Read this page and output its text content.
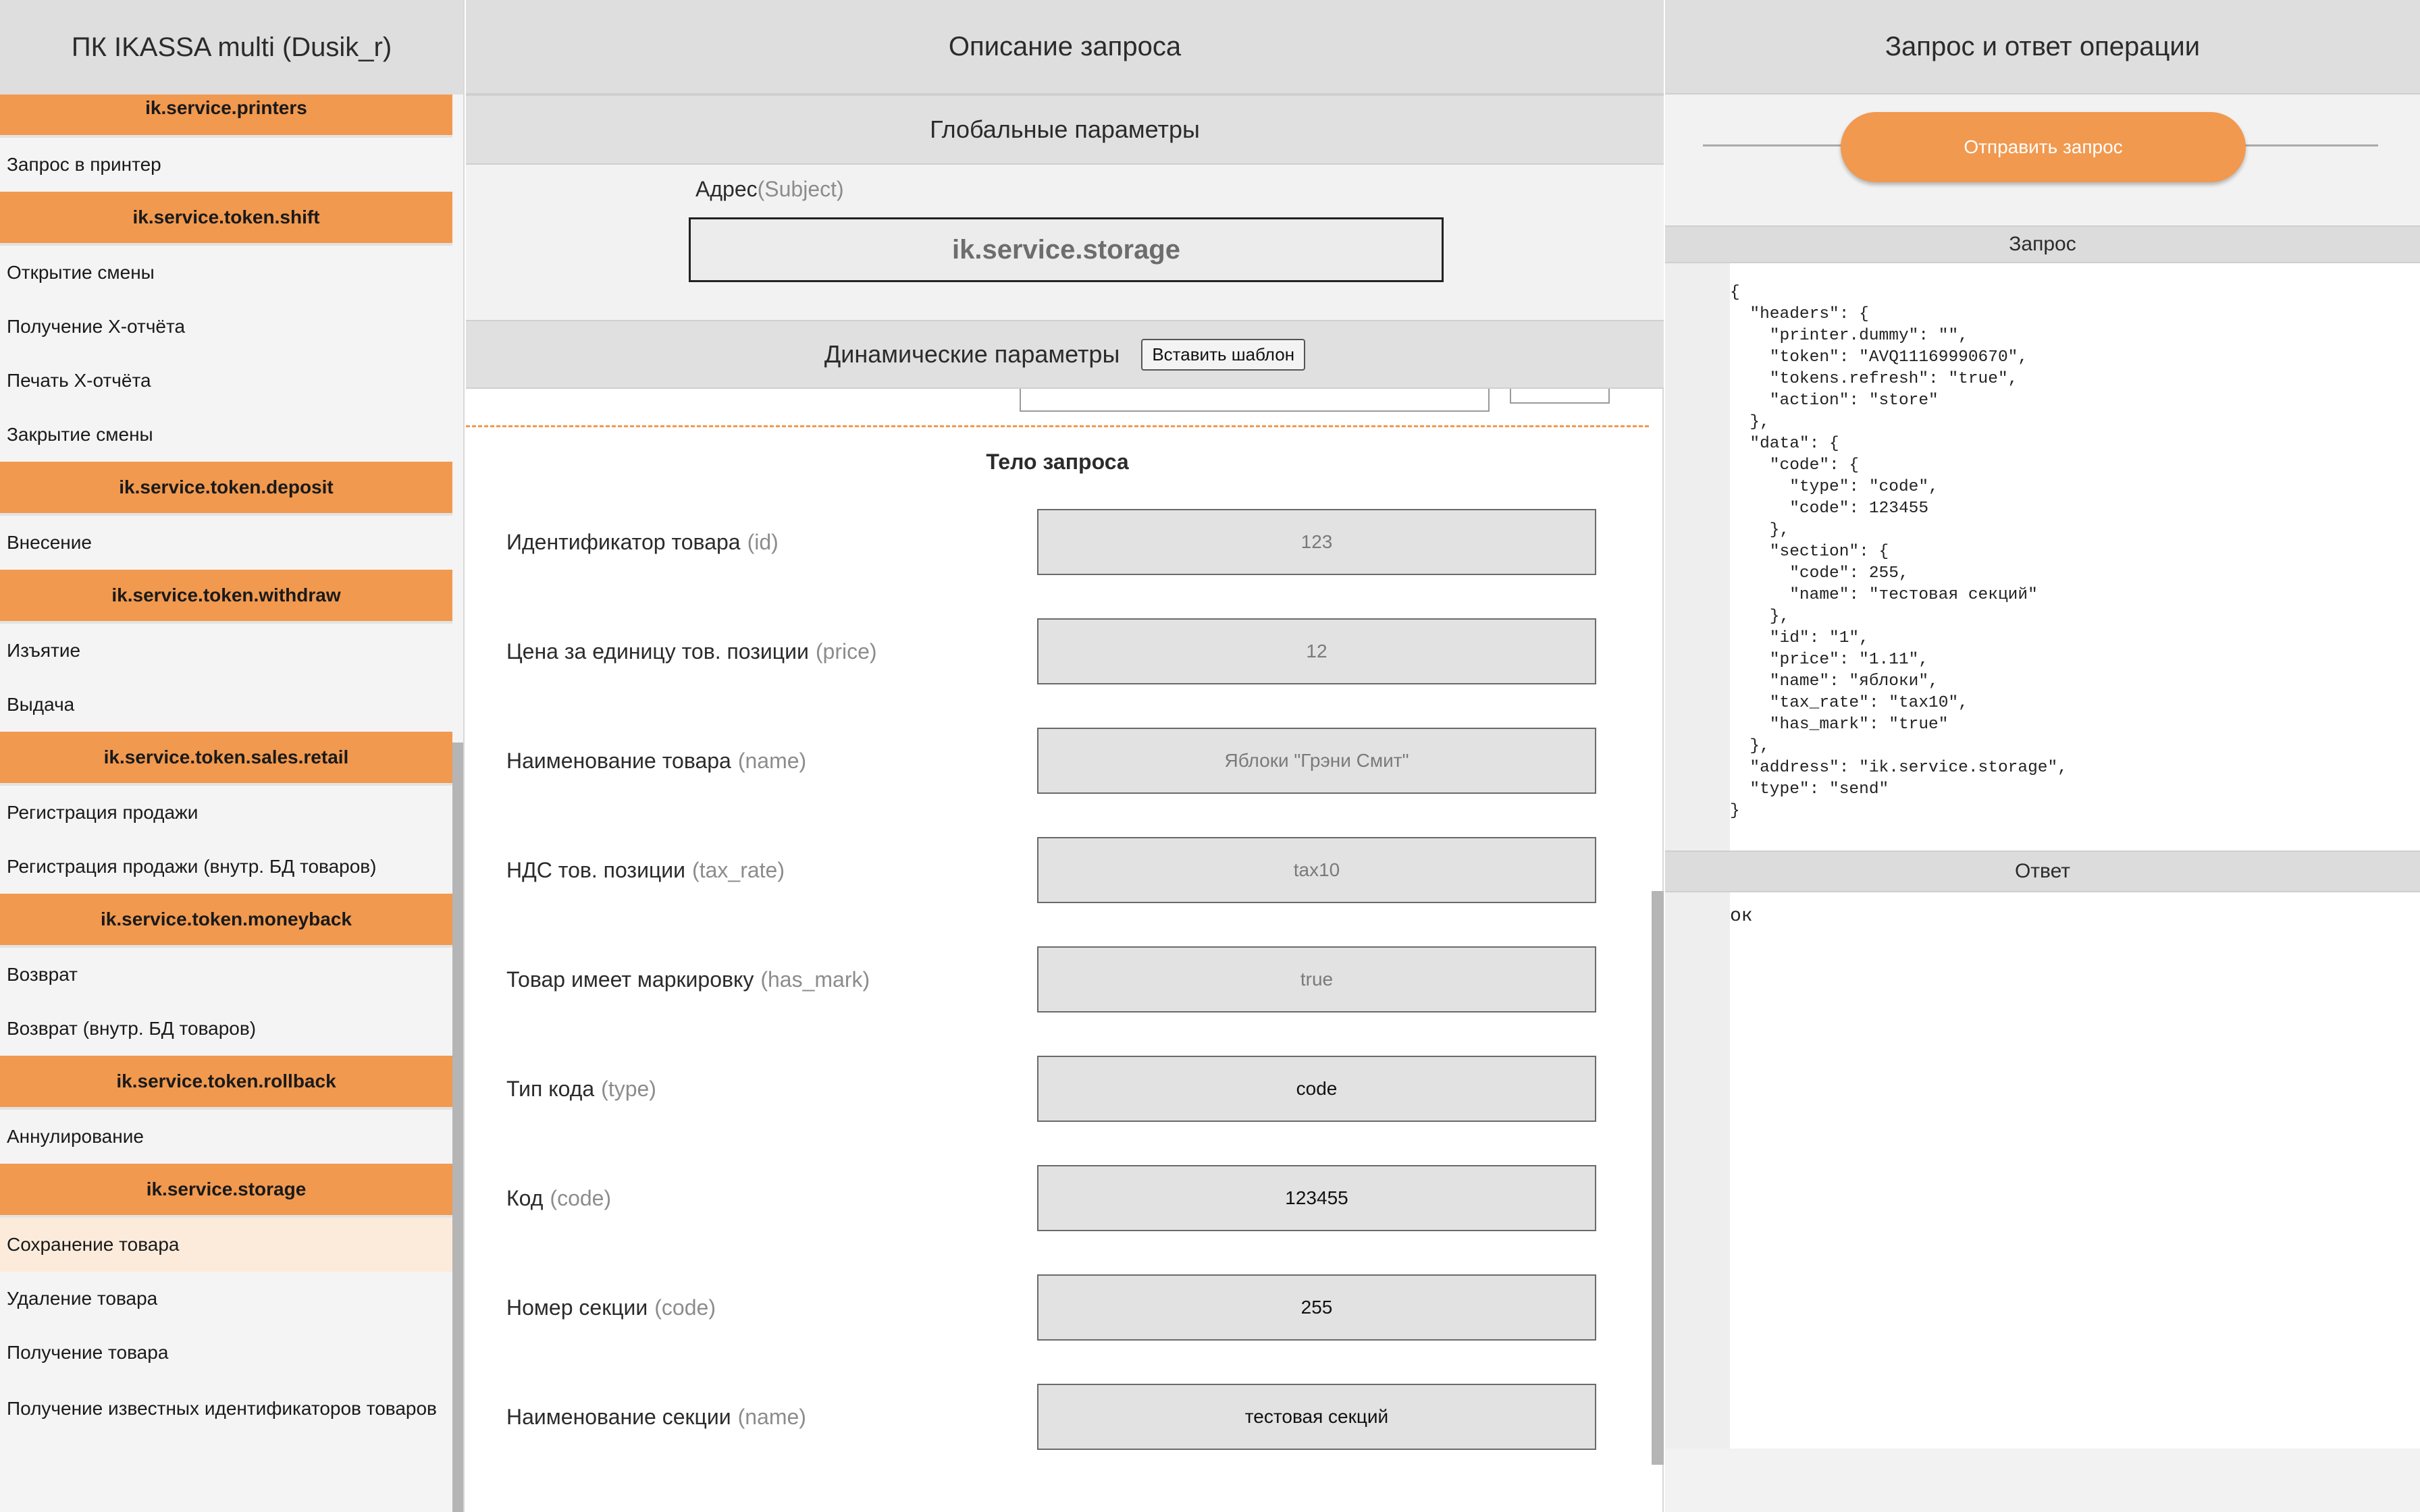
ПК IKASSA multi (Dusik_r)
ik.service.printers
Запрос в принтер
ik.service.token.shift
Открытие смены
Получение X-отчёта
Печать X-отчёта
Закрытие смены
ik.service.token.deposit
Внесение
ik.service.token.withdraw
Изъятие
Выдача
ik.service.token.sales.retail
Регистрация продажи
Регистрация продажи (внутр. БД товаров)
ik.service.token.moneyback
Возврат
Возврат (внутр. БД товаров)
ik.service.token.rollback
Аннулирование
ik.service.storage
Сохранение товара
Удаление товара
Получение товара
Получение известных идентификаторов товаров
Описание запроса
Глобальные параметры
Адрес(Subject)
ik.service.storage
Динамические параметры	Вставить шаблон
Тело запроса
Идентификатор товара (id)	123
Цена за единицу тов. позиции (price)	12
Наименование товара (name)	Яблоки "Грэни Смит"
НДС тов. позиции (tax_rate)	tax10
Товар имеет маркировку (has_mark)	true
Тип кода (type)	code
Код (code)	123455
Номер секции (code)	255
Наименование секции (name)	тестовая секций
Запрос и ответ операции
Отправить запрос
Запрос
{
"headers": {
"printer.dummy": "",
"token": "AVQ11169990670",
"tokens.refresh": "true",
"action": "store"
},
"data": {
"code": {
"type": "code",
"code": 123455
},
"section": {
"code": 255,
"name": "тестовая секций"
},
"id": "1",
"price": "1.11",
"name": "яблоки",
"tax_rate": "tax10",
"has_mark": "true"
},
"address": "ik.service.storage",
"type": "send"
}
Ответ
ок
